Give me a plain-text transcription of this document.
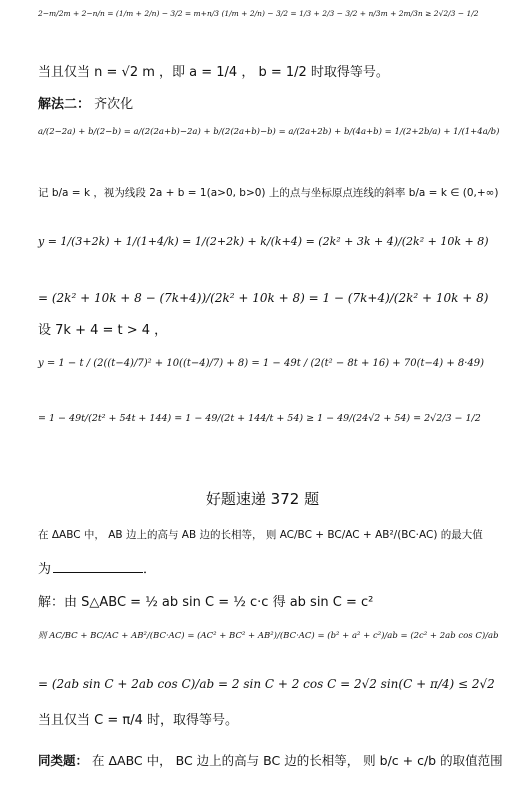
2−m/2m + 2−n/n = (1/m + 2/n) − 3/2 = m+n/3 (1/m + 2/n) − 3/2 = 1/3 + 2/3 − 3/2 + n/3m + 2m/3n ≥ 2√2/3 − 1/2
当且仅当 n = √2 m ，即 a = 1/4 ， b = 1/2 时取得等号。
解法二： 齐次化
a/(2−2a) + b/(2−b) = a/(2(2a+b)−2a) + b/(2(2a+b)−b) = a/(2a+2b) + b/(4a+b) = 1/(2+2b/a) + 1/(1+4a/b)
记 b/a = k ，视为线段 2a + b = 1(a>0, b>0) 上的点与坐标原点连线的斜率 b/a = k ∈ (0,+∞)
y = 1/(3+2k) + 1/(1+4/k) = 1/(2+2k) + k/(k+4) = (2k² + 3k + 4)/(2k² + 10k + 8)
= (2k² + 10k + 8 − (7k+4))/(2k² + 10k + 8) = 1 − (7k+4)/(2k² + 10k + 8)
设 7k + 4 = t > 4 ，
y = 1 − t / (2((t−4)/7)² + 10((t−4)/7) + 8) = 1 − 49t / (2(t² − 8t + 16) + 70(t−4) + 8·49)
= 1 − 49t/(2t² + 54t + 144) = 1 − 49/(2t + 144/t + 54) ≥ 1 − 49/(24√2 + 54) = 2√2/3 − 1/2
好题速递 372 题
在 ΔABC 中， AB 边上的高与 AB 边的长相等， 则 AC/BC + BC/AC + AB²/(BC·AC) 的最大值
为	．
解：由 S△ABC = ½ ab sin C = ½ c·c 得 ab sin C = c²
则 AC/BC + BC/AC + AB²/(BC·AC) = (AC² + BC² + AB²)/(BC·AC) = (b² + a² + c²)/ab = (2c² + 2ab cos C)/ab
= (2ab sin C + 2ab cos C)/ab = 2 sin C + 2 cos C = 2√2 sin(C + π/4) ≤ 2√2
当且仅当 C = π/4 时，取得等号。
同类题： 在 ΔABC 中， BC 边上的高与 BC 边的长相等， 则 b/c + c/b 的取值范围
